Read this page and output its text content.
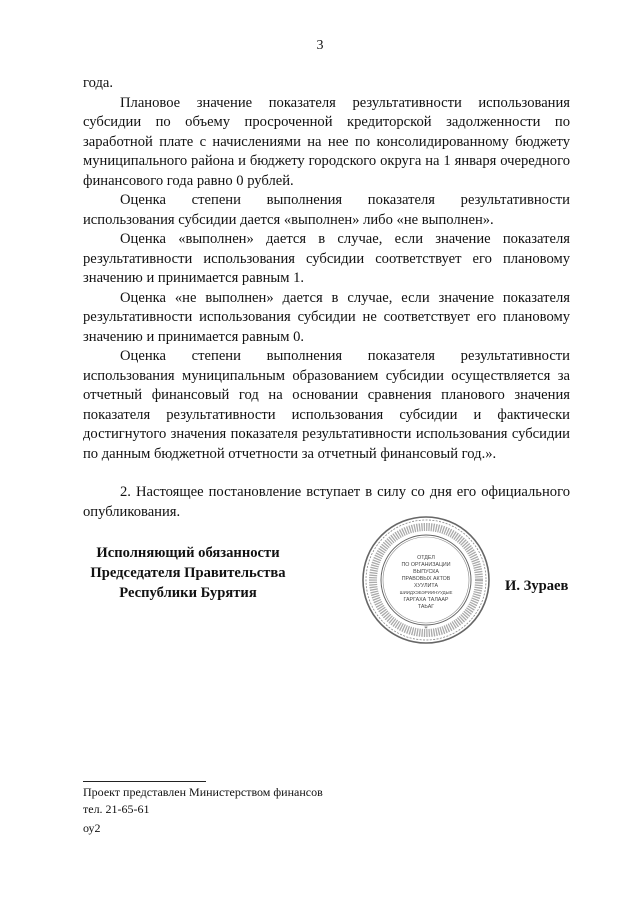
3

года.

Плановое значение показателя результативности использования субсидии по объему просроченной кредиторской задолженности по заработной плате с начислениями на нее по консолидированному бюджету муниципального района и бюджету городского округа на 1 января очередного финансового года равно 0 рублей.

Оценка степени выполнения показателя результативности использования субсидии дается «выполнен» либо «не выполнен».

Оценка «выполнен» дается в случае, если значение показателя результативности использования субсидии соответствует его плановому значению и принимается равным 1.

Оценка «не выполнен» дается в случае, если значение показателя результативности использования субсидии не соответствует его плановому значению и принимается равным 0.

Оценка степени выполнения показателя результативности использования муниципальным образованием субсидии осуществляется за отчетный финансовый год на основании сравнения планового значения показателя результативности использования субсидии и фактически достигнутого значения показателя результативности использования субсидии по данным бюджетной отчетности за отчетный финансовый год.».

2. Настоящее постановление вступает в силу со дня его официального опубликования.

Исполняющий обязанности
Председателя Правительства
Республики Бурятия
ОТДЕЛ
ПО ОРГАНИЗАЦИИ
ВЫПУСКА
ПРАВОВЫХ АКТОВ
ХУУЛИТА
ШИИДХЭБЭРИИНУУДЫЕ
ГАРГАХА ТАЛААР
ТАЬАГ
*
И. Зураев
Проект представлен Министерством финансов
тел. 21-65-61
оу2
